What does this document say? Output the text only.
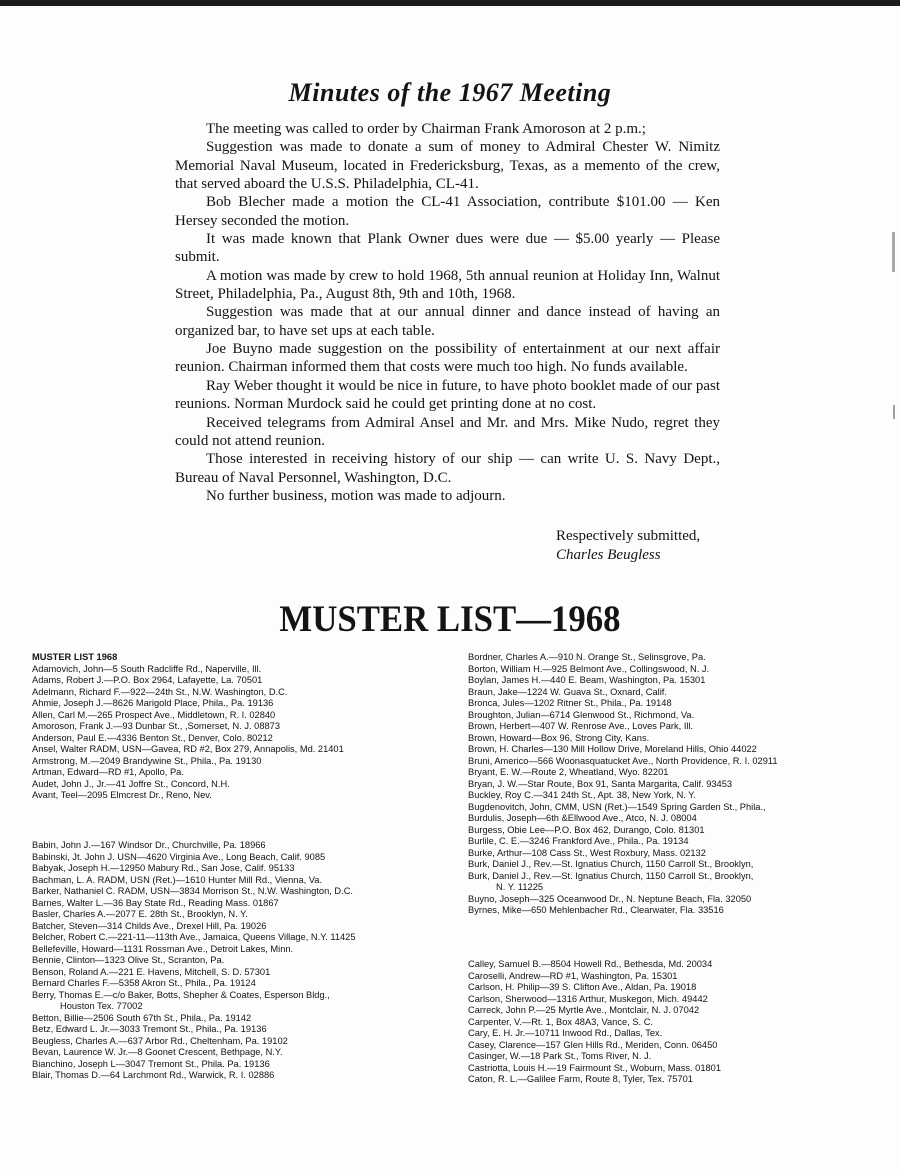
Minutes of the 1967 Meeting

The meeting was called to order by Chairman Frank Amoroson at 2 p.m.;

Suggestion was made to donate a sum of money to Admiral Chester W. Nimitz Memorial Naval Museum, located in Fredericksburg, Texas, as a memento of the crew, that served aboard the U.S.S. Philadelphia, CL-41.

Bob Blecher made a motion the CL-41 Association, contribute $101.00 — Ken Hersey seconded the motion.

It was made known that Plank Owner dues were due — $5.00 yearly — Please submit.

A motion was made by crew to hold 1968, 5th annual reunion at Holiday Inn, Walnut Street, Philadelphia, Pa., August 8th, 9th and 10th, 1968.

Suggestion was made that at our annual dinner and dance instead of having an organized bar, to have set ups at each table.

Joe Buyno made suggestion on the possibility of entertainment at our next affair reunion. Chairman informed them that costs were much too high. No funds available.

Ray Weber thought it would be nice in future, to have photo booklet made of our past reunions. Norman Murdock said he could get printing done at no cost.

Received telegrams from Admiral Ansel and Mr. and Mrs. Mike Nudo, regret they could not attend reunion.

Those interested in receiving history of our ship — can write U. S. Navy Dept., Bureau of Naval Personnel, Washington, D.C.

No further business, motion was made to adjourn.

Respectively submitted,
Charles Beugless
MUSTER LIST—1968
MUSTER LIST 1968
Adamovich, John—5 South Radcliffe Rd., Naperville, Ill.
Adams, Robert J.—P.O. Box 2964, Lafayette, La. 70501
Adelmann, Richard F.—922—24th St., N.W. Washington, D.C.
Ahmie, Joseph J.—8626 Marigold Place, Phila., Pa. 19136
Allen, Carl M.—265 Prospect Ave., Middletown, R. I. 02840
Amoroson, Frank J.—93 Dunbar St., ,Somerset, N. J. 08873
Anderson, Paul E.—4336 Benton St., Denver, Colo. 80212
Ansel, Walter RADM, USN—Gavea, RD #2, Box 279, Annapolis, Md. 21401
Armstrong, M.—2049 Brandywine St., Phila., Pa. 19130
Artman, Edward—RD #1, Apollo, Pa.
Audet, John J., Jr.—41 Joffre St., Concord, N.H.
Avant, Teel—2095 Elmcrest Dr., Reno, Nev.
Babin, John J.—167 Windsor Dr., Churchville, Pa. 18966
Babinski, Jt. John J. USN—4620 Virginia Ave., Long Beach, Calif. 9085
Babyak, Joseph H.—12950 Mabury Rd., San Jose, Calif. 95133
Bachman, L. A. RADM, USN (Ret.)—1610 Hunter Mill Rd., Vienna, Va.
Barker, Nathaniel C. RADM, USN—3834 Morrison St., N.W. Washington, D.C.
Barnes, Walter L.—36 Bay State Rd., Reading Mass. 01867
Basler, Charles A.—2077 E. 28th St., Brooklyn, N. Y.
Batcher, Steven—314 Childs Ave., Drexel Hill, Pa. 19026
Belcher, Robert C.—221-11—113th Ave., Jamaica, Queens Village, N.Y. 11425
Bellefeville, Howard—1131 Rossman Ave., Detroit Lakes, Minn.
Bennie, Clinton—1323 Olive St., Scranton, Pa.
Benson, Roland A.—221 E. Havens, Mitchell, S. D. 57301
Bernard Charles F.—5358 Akron St., Phila., Pa. 19124
Berry, Thomas E.—c/o Baker, Botts, Shepher & Coates, Esperson Bldg.,
Houston Tex. 77002
Betton, Billie—2506 South 67th St., Phila., Pa. 19142
Betz, Edward L. Jr.—3033 Tremont St., Phila., Pa. 19136
Beugless, Charles A.—637 Arbor Rd., Cheltenham, Pa. 19102
Bevan, Laurence W. Jr.—8 Goonet Crescent, Bethpage, N.Y.
Bianchino, Joseph L—3047 Tremont St., Phila. Pa. 19136
Blair, Thomas D.—64 Larchmont Rd., Warwick, R. I. 02886
Bordner, Charles A.—910 N. Orange St., Selinsgrove, Pa.
Borton, William H.—925 Belmont Ave., Collingswood, N. J.
Boylan, James H.—440 E. Beam, Washington, Pa. 15301
Braun, Jake—1224 W. Guava St., Oxnard, Calif.
Bronca, Jules—1202 Ritner St., Phila., Pa. 19148
Broughton, Julian—6714 Glenwood St., Richmond, Va.
Brown, Herbert—407 W. Renrose Ave., Loves Park, Ill.
Brown, Howard—Box 96, Strong City, Kans.
Brown, H. Charles—130 Mill Hollow Drive, Moreland Hills, Ohio 44022
Bruni, Americo—566 Woonasquatucket Ave., North Providence, R. I. 02911
Bryant, E. W.—Route 2, Wheatland, Wyo. 82201
Bryan, J. W.—Star Route, Box 91, Santa Margarita, Calif. 93453
Buckley, Roy C.—341 24th St., Apt. 38, New York, N. Y.
Bugdenovitch, John, CMM, USN (Ret.)—1549 Spring Garden St., Phila.,
Burdulis, Joseph—6th &Ellwood Ave., Atco, N. J. 08004
Burgess, Obie Lee—P.O. Box 462, Durango, Colo. 81301
Burlile, C. E.—3246 Frankford Ave., Phila., Pa. 19134
Burke, Arthur—108 Cass St., West Roxbury, Mass. 02132
Burk, Daniel J., Rev.—St. Ignatius Church, 1150 Carroll St., Brooklyn,
Burk, Daniel J., Rev.—St. Ignatius Church, 1150 Carroll St., Brooklyn,
N. Y. 11225
Buyno, Joseph—325 Oceanwood Dr., N. Neptune Beach, Fla. 32050
Byrnes, Mike—650 Mehlenbacher Rd., Clearwater, Fla. 33516
Calley, Samuel B.—8504 Howell Rd., Bethesda, Md. 20034
Caroselli, Andrew—RD #1, Washington, Pa. 15301
Carlson, H. Philip—39 S. Clifton Ave., Aldan, Pa. 19018
Carlson, Sherwood—1316 Arthur, Muskegon, Mich. 49442
Carreck, John P.—25 Myrtle Ave., Montclair, N. J. 07042
Carpenter, V.—Rt. 1, Box 48A3, Vance, S. C.
Cary, E. H. Jr.—10711 Inwood Rd., Dallas, Tex.
Casey, Clarence—157 Glen Hills Rd., Meriden, Conn. 06450
Casinger, W.—18 Park St., Toms River, N. J.
Castriotta, Louis H.—19 Fairmount St., Woburn, Mass. 01801
Caton, R. L.—Galilee Farm, Route 8, Tyler, Tex. 75701
